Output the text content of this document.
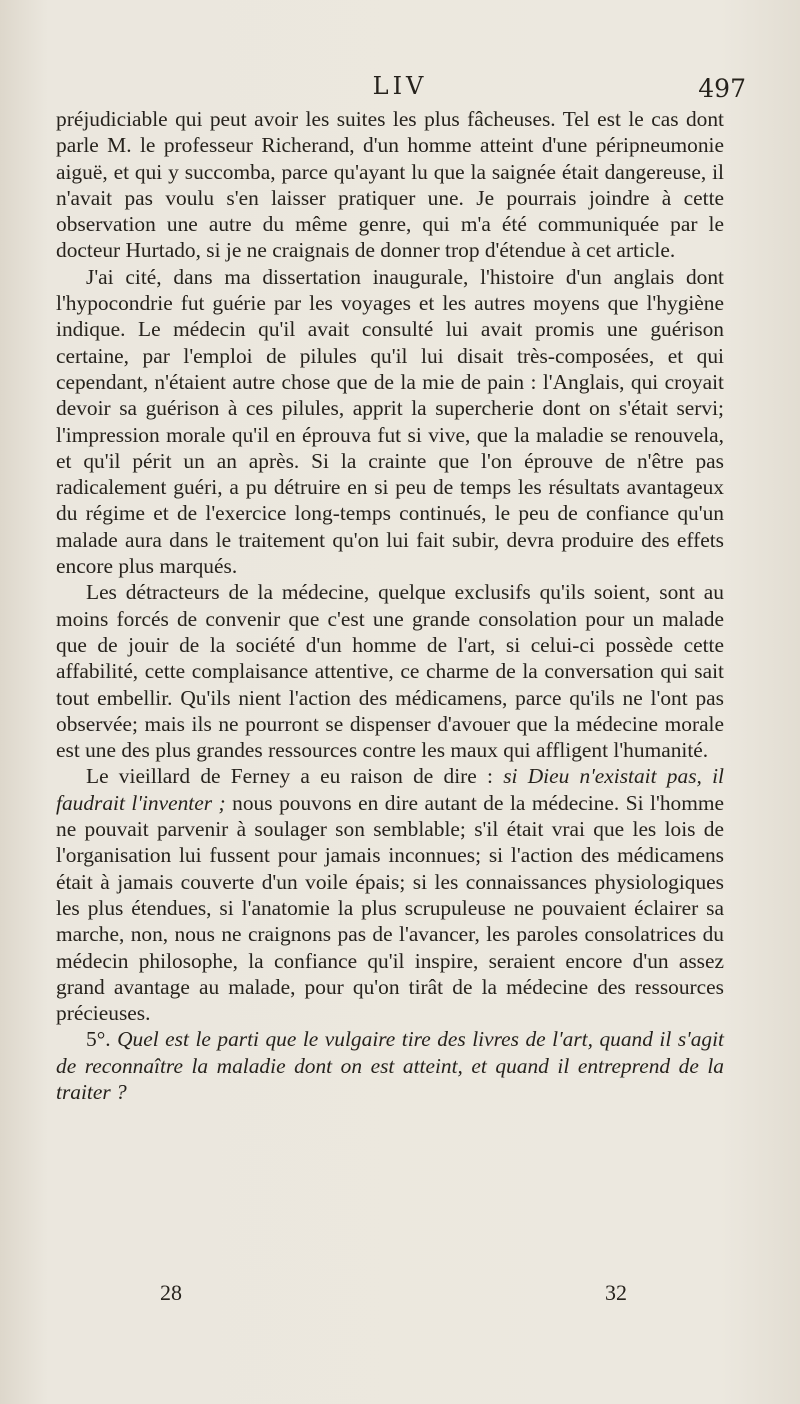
LIV	497

préjudiciable qui peut avoir les suites les plus fâcheuses. Tel est le cas dont parle M. le professeur Richerand, d'un homme atteint d'une péripneumonie aiguë, et qui y succomba, parce qu'ayant lu que la saignée était dangereuse, il n'avait pas voulu s'en laisser pratiquer une. Je pourrais joindre à cette observation une autre du même genre, qui m'a été communiquée par le docteur Hurtado, si je ne craignais de donner trop d'étendue à cet article.

J'ai cité, dans ma dissertation inaugurale, l'histoire d'un anglais dont l'hypocondrie fut guérie par les voyages et les autres moyens que l'hygiène indique. Le médecin qu'il avait consulté lui avait promis une guérison certaine, par l'emploi de pilules qu'il lui disait très-composées, et qui cependant, n'étaient autre chose que de la mie de pain : l'Anglais, qui croyait devoir sa guérison à ces pilules, apprit la supercherie dont on s'était servi; l'impression morale qu'il en éprouva fut si vive, que la maladie se renouvela, et qu'il périt un an après. Si la crainte que l'on éprouve de n'être pas radicalement guéri, a pu détruire en si peu de temps les résultats avantageux du régime et de l'exercice long-temps continués, le peu de confiance qu'un malade aura dans le traitement qu'on lui fait subir, devra produire des effets encore plus marqués.

Les détracteurs de la médecine, quelque exclusifs qu'ils soient, sont au moins forcés de convenir que c'est une grande consolation pour un malade que de jouir de la société d'un homme de l'art, si celui-ci possède cette affabilité, cette complaisance attentive, ce charme de la conversation qui sait tout embellir. Qu'ils nient l'action des médicamens, parce qu'ils ne l'ont pas observée; mais ils ne pourront se dispenser d'avouer que la médecine morale est une des plus grandes ressources contre les maux qui affligent l'humanité.

Le vieillard de Ferney a eu raison de dire : si Dieu n'existait pas, il faudrait l'inventer ; nous pouvons en dire autant de la médecine. Si l'homme ne pouvait parvenir à soulager son semblable; s'il était vrai que les lois de l'organisation lui fussent pour jamais inconnues; si l'action des médicamens était à jamais couverte d'un voile épais; si les connaissances physiologiques les plus étendues, si l'anatomie la plus scrupuleuse ne pouvaient éclairer sa marche, non, nous ne craignons pas de l'avancer, les paroles consolatrices du médecin philosophe, la confiance qu'il inspire, seraient encore d'un assez grand avantage au malade, pour qu'on tirât de la médecine des ressources précieuses.

5°. Quel est le parti que le vulgaire tire des livres de l'art, quand il s'agit de reconnaître la maladie dont on est atteint, et quand il entreprend de la traiter ?

28	32
